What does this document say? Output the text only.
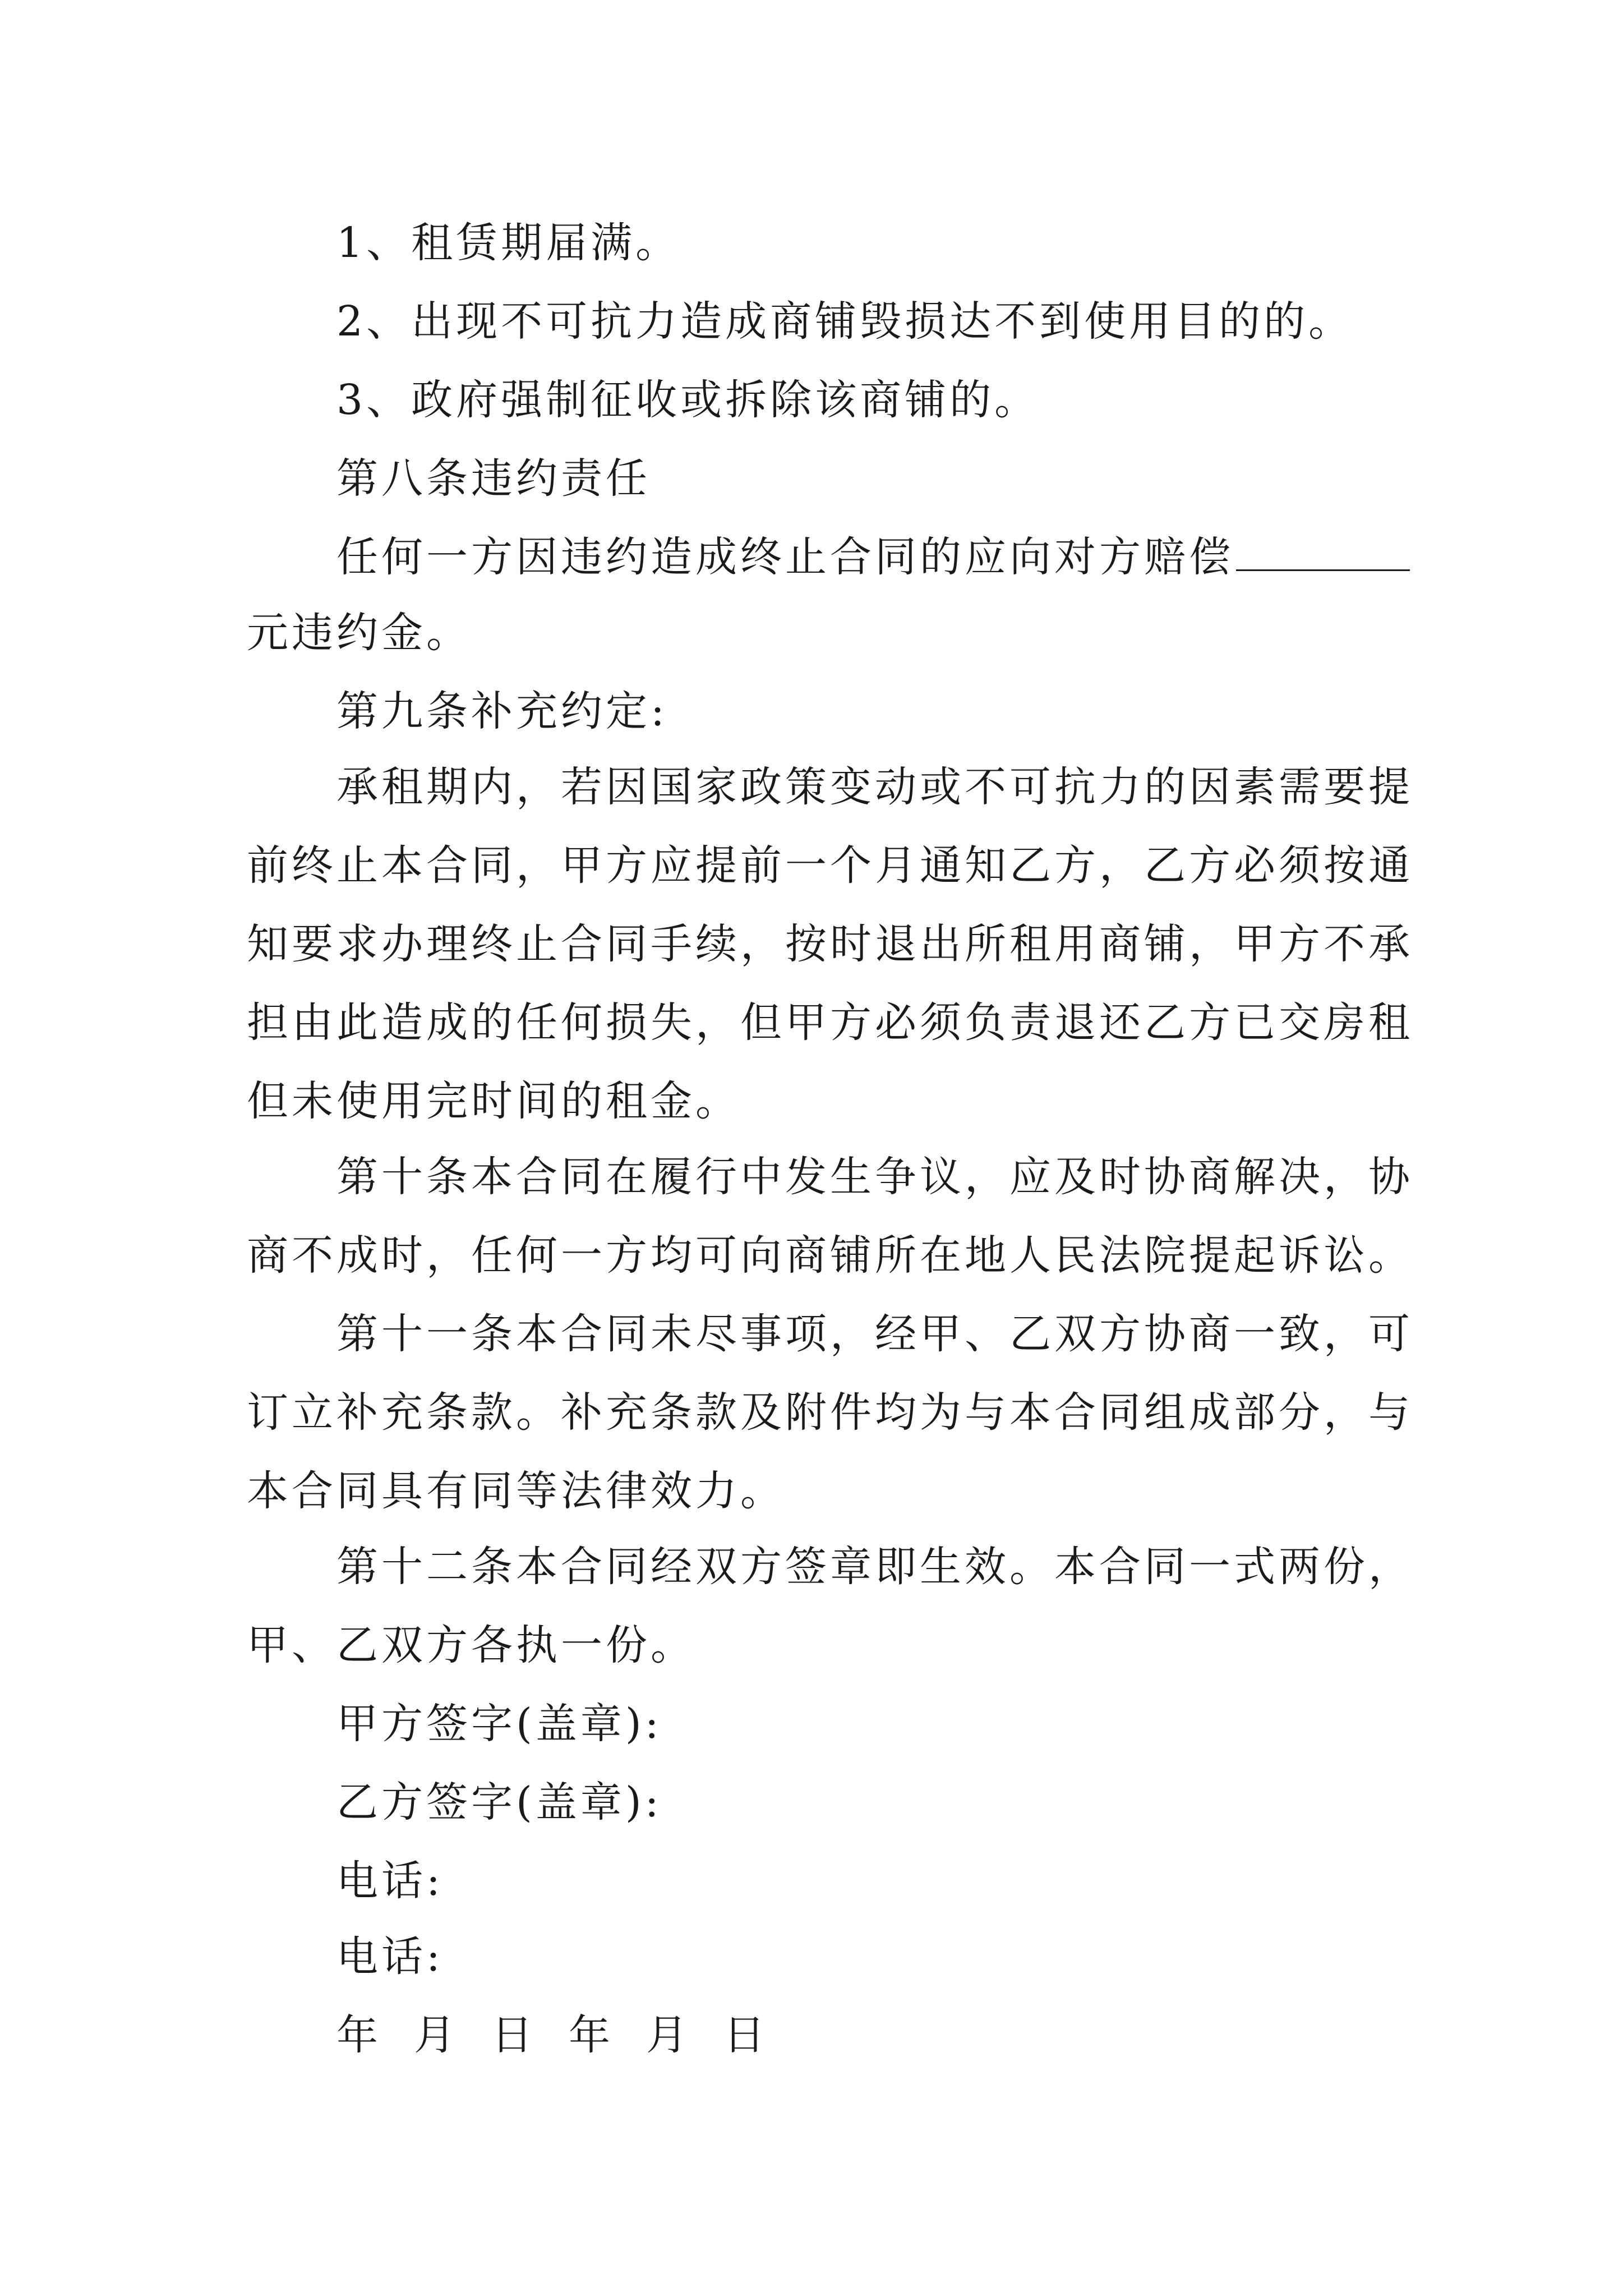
1、租赁期届满。
2、出现不可抗力造成商铺毁损达不到使用目的的。
3、政府强制征收或拆除该商铺的。
第八条违约责任
任何一方因违约造成终止合同的应向对方赔偿
元违约金。
第九条补充约定:
承租期内，若因国家政策变动或不可抗力的因素需要提
前终止本合同，甲方应提前一个月通知乙方，乙方必须按通
知要求办理终止合同手续，按时退出所租用商铺，甲方不承
担由此造成的任何损失，但甲方必须负责退还乙方已交房租
但未使用完时间的租金。
第十条本合同在履行中发生争议，应及时协商解决，协
商不成时，任何一方均可向商铺所在地人民法院提起诉讼。
第十一条本合同未尽事项，经甲、乙双方协商一致，可
订立补充条款。补充条款及附件均为与本合同组成部分，与
本合同具有同等法律效力。
第十二条本合同经双方签章即生效。本合同一式两份，
甲、乙双方各执一份。
甲方签字(盖章):
乙方签字(盖章):
电话:
电话:
年 月 日 年 月 日
